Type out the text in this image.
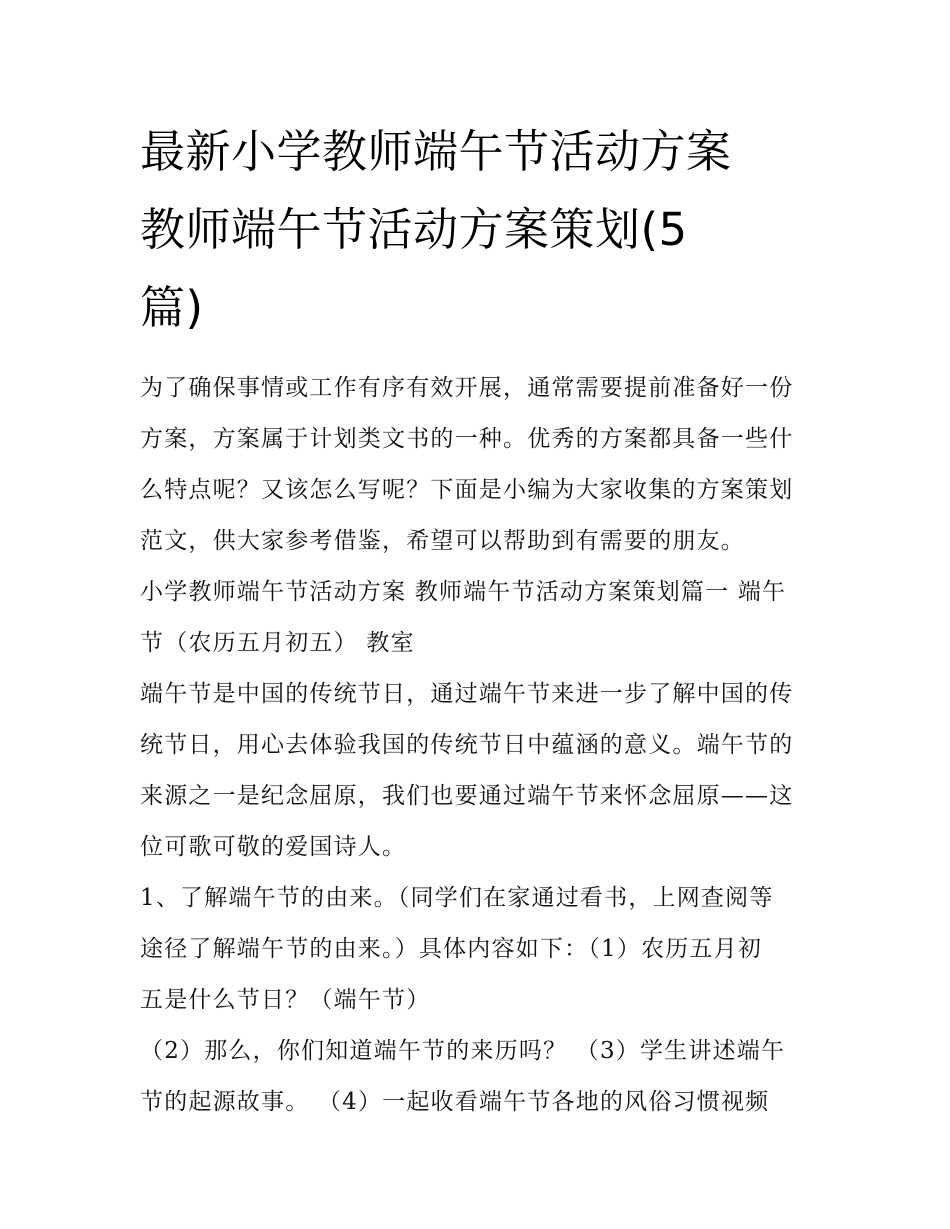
最新小学教师端午节活动方案
教师端午节活动方案策划(5
篇)

为了确保事情或工作有序有效开展，通常需要提前准备好一份
方案，方案属于计划类文书的一种。优秀的方案都具备一些什
么特点呢？又该怎么写呢？下面是小编为大家收集的方案策划
范文，供大家参考借鉴，希望可以帮助到有需要的朋友。

小学教师端午节活动方案 教师端午节活动方案策划篇一 端午
节（农历五月初五） 教室

端午节是中国的传统节日，通过端午节来进一步了解中国的传
统节日，用心去体验我国的传统节日中蕴涵的意义。端午节的
来源之一是纪念屈原，我们也要通过端午节来怀念屈原——这
位可歌可敬的爱国诗人。

1、了解端午节的由来。（同学们在家通过看书，上网查阅等
途径了解端午节的由来。）具体内容如下：（1）农历五月初
五是什么节日？（端午节）

（2）那么，你们知道端午节的来历吗？ （3）学生讲述端午
节的起源故事。 （4）一起收看端午节各地的风俗习惯视频
